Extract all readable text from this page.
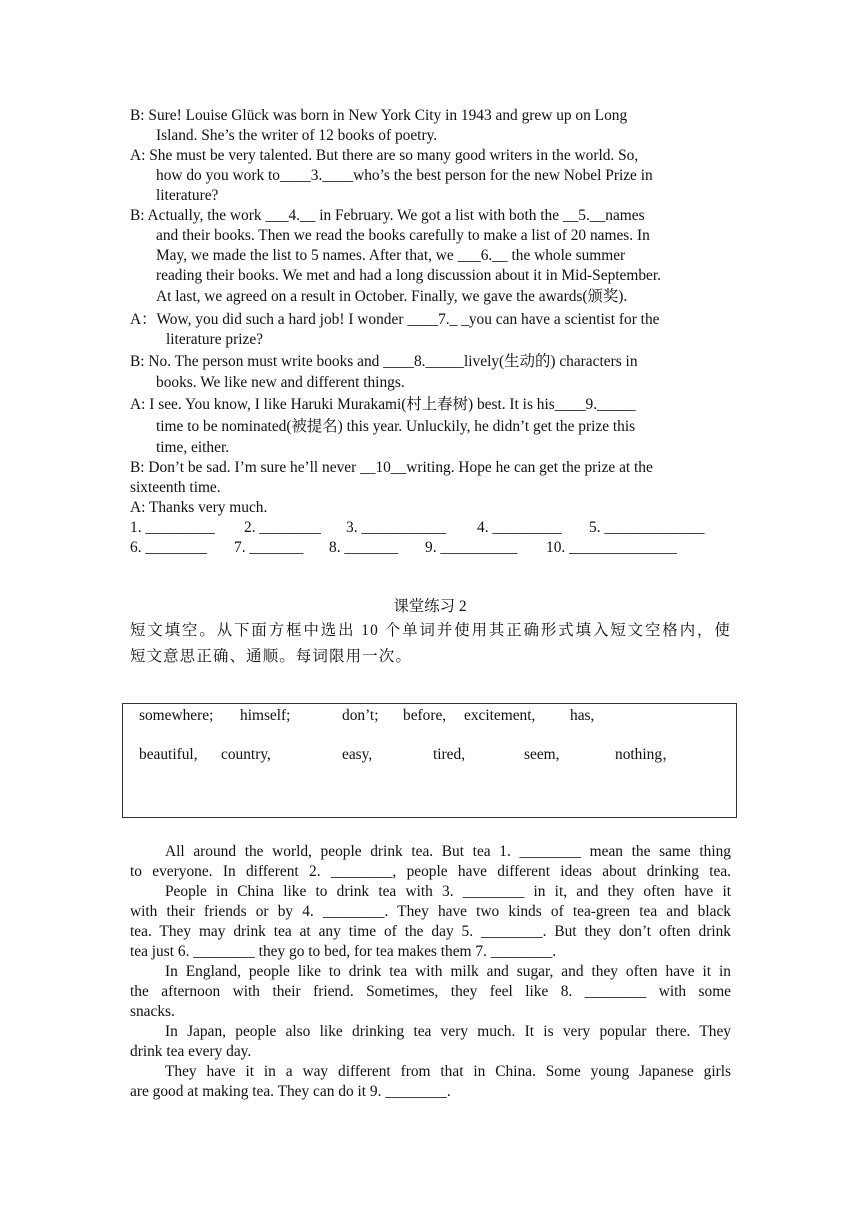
B: Sure! Louise Glück was born in New York City in 1943 and grew up on Long
Island. She’s the writer of 12 books of poetry.
A: She must be very talented. But there are so many good writers in the world. So,
how do you work to____3.____who’s the best person for the new Nobel Prize in
literature?
B: Actually, the work ___4.__ in February. We got a list with both the __5.__names
and their books. Then we read the books carefully to make a list of 20 names. In
May, we made the list to 5 names. After that, we ___6.__ the whole summer
reading their books. We met and had a long discussion about it in Mid-September.
At last, we agreed on a result in October. Finally, we gave the awards(颁奖).
A：Wow, you did such a hard job! I wonder ____7._ _you can have a scientist for the
literature prize?
B: No. The person must write books and ____8._____lively(生动的) characters in
books. We like new and different things.
A: I see. You know, I like Haruki Murakami(村上春树) best. It is his____9._____
time to be nominated(被提名) this year. Unluckily, he didn’t get the prize this
time, either.
B: Don’t be sad. I’m sure he’ll never __10__writing. Hope he can get the prize at the
sixteenth time.
A: Thanks very much.
1. _________ 2. ________ 3. ___________ 4. _________ 5. _____________
6. ________ 7. _______ 8. _______ 9. __________ 10. ______________
课堂练习 2
短文填空。从下面方框中选出 10 个单词并使用其正确形式填入短文空格内，使
短文意思正确、通顺。每词限用一次。
somewhere; himself;	don’t; before, excitement, has,
beautiful, country,	easy,	tired,	seem,	nothing，
All around the world, people drink tea. But tea 1. ________ mean the same thing
to everyone. In different 2. ________, people have different ideas about drinking tea.
People in China like to drink tea with 3. ________ in it, and they often have it
with their friends or by 4. ________. They have two kinds of tea-green tea and black
tea. They may drink tea at any time of the day 5. ________. But they don’t often drink
tea just 6. ________ they go to bed, for tea makes them 7. ________.
In England, people like to drink tea with milk and sugar, and they often have it in
the afternoon with their friend. Sometimes, they feel like 8. ________ with some
snacks.
In Japan, people also like drinking tea very much. It is very popular there. They
drink tea every day.
They have it in a way different from that in China. Some young Japanese girls
are good at making tea. They can do it 9. ________.
